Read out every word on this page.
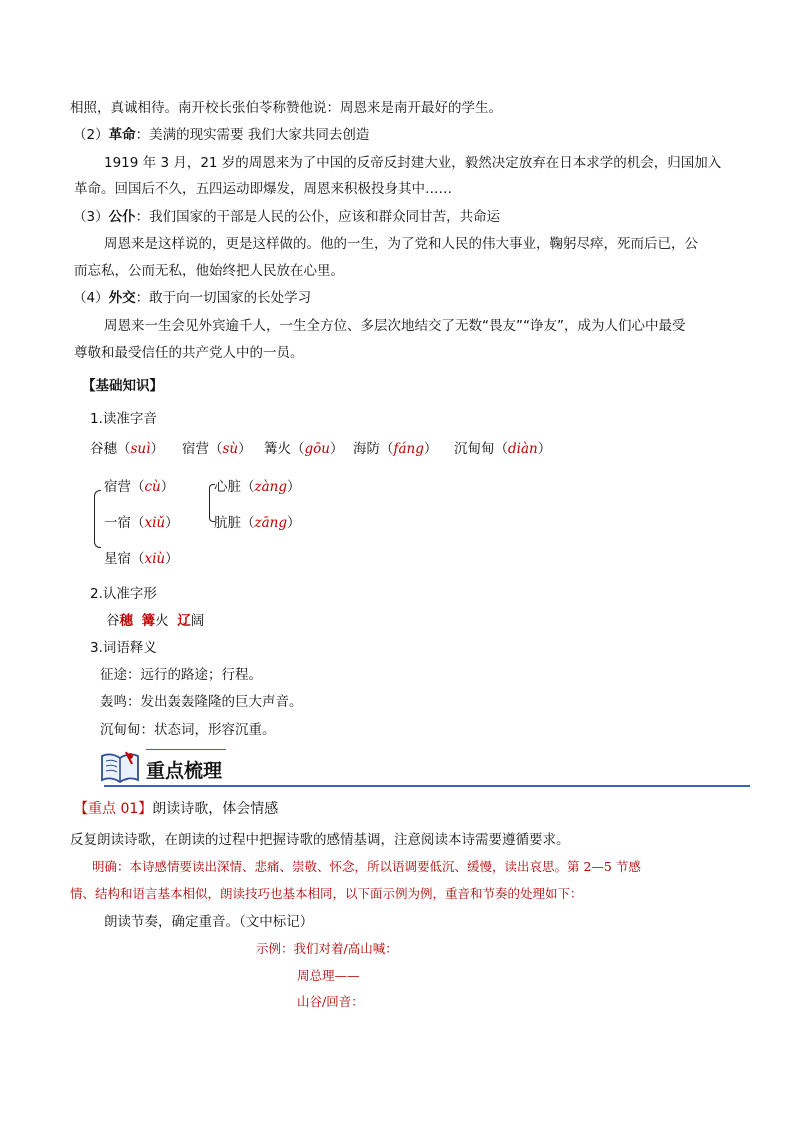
相照，真诚相待。南开校长张伯苓称赞他说：周恩来是南开最好的学生。
（2）革命：美满的现实需要 我们大家共同去创造
1919 年 3 月，21 岁的周恩来为了中国的反帝反封建大业，毅然决定放弃在日本求学的机会，归国加入
革命。回国后不久，五四运动即爆发，周恩来积极投身其中……
（3）公仆：我们国家的干部是人民的公仆，应该和群众同甘苦，共命运
周恩来是这样说的，更是这样做的。他的一生，为了党和人民的伟大事业，鞠躬尽瘁，死而后已，公
而忘私，公而无私，他始终把人民放在心里。
（4）外交：敢于向一切国家的长处学习
周恩来一生会见外宾逾千人，一生全方位、多层次地结交了无数“畏友”“诤友”，成为人们心中最受
尊敬和最受信任的共产党人中的一员。
【基础知识】
1.读准字音
谷穗（suì） 宿营（sù） 篝火（gōu） 海防（fáng） 沉甸甸（diàn）
宿营（cù）
一宿（xiǔ）
星宿（xiù）
心脏（zàng）
肮脏（zāng）
2.认准字形
谷穗 篝火 辽阔
3.词语释义
征途：远行的路途；行程。
轰鸣：发出轰轰隆隆的巨大声音。
沉甸甸：状态词，形容沉重。
重点梳理
【重点 01】朗读诗歌，体会情感
反复朗读诗歌，在朗读的过程中把握诗歌的感情基调，注意阅读本诗需要遵循要求。
明确：本诗感情要读出深情、悲痛、崇敬、怀念，所以语调要低沉、缓慢，读出哀思。第 2—5 节感
情、结构和语言基本相似，朗读技巧也基本相同，以下面示例为例，重音和节奏的处理如下：
朗读节奏，确定重音。（文中标记）
示例：我们对着/高山喊：
周总理——
山谷/回音：
